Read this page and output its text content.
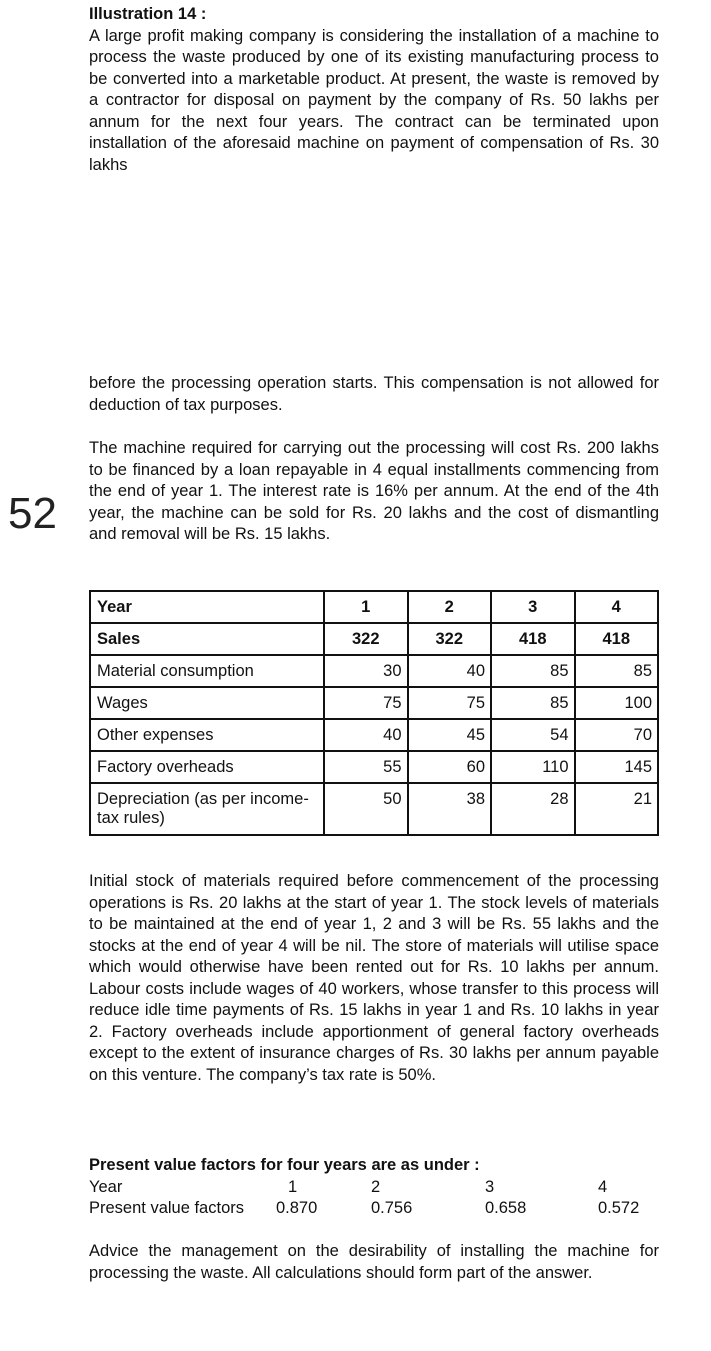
52
Illustration 14 :
A large profit making company is considering the installation of a machine to process the waste produced by one of its existing manufacturing process to be converted into a marketable product. At present, the waste is removed by a contractor for disposal on payment by the company of Rs. 50 lakhs per annum for the next four years. The contract can be terminated upon installation of the aforesaid machine on payment of compensation of Rs. 30 lakhs

before the processing operation starts. This compensation is not allowed for deduction of tax purposes.

The machine required for carrying out the processing will cost Rs. 200 lakhs to be financed by a loan repayable in 4 equal installments commencing from the end of year 1. The interest rate is 16% per annum. At the end of the 4th year, the machine can be sold for Rs. 20 lakhs and the cost of dismantling and removal will be Rs. 15 lakhs.

Year	1	2	3	4
Sales	322	322	418	418
Material consumption	30	40	85	85
Wages	75	75	85	100
Other expenses	40	45	54	70
Factory overheads	55	60	110	145
Depreciation (as per income-tax rules)	50	38	28	21

Initial stock of materials required before commencement of the processing operations is Rs. 20 lakhs at the start of year 1. The stock levels of materials to be maintained at the end of year 1, 2 and 3 will be Rs. 55 lakhs and the stocks at the end of year 4 will be nil. The store of materials will utilise space which would otherwise have been rented out for Rs. 10 lakhs per annum. Labour costs include wages of 40 workers, whose transfer to this process will reduce idle time payments of Rs. 15 lakhs in year 1 and Rs. 10 lakhs in year 2. Factory overheads include apportionment of general factory overheads except to the extent of insurance charges of Rs. 30 lakhs per annum payable on this venture. The company’s tax rate is 50%.

Present value factors for four years are as under :
Year	1	2	3	4
Present value factors 0.870	0.756	0.658	0.572

Advice the management on the desirability of installing the machine for processing the waste. All calculations should form part of the answer.
